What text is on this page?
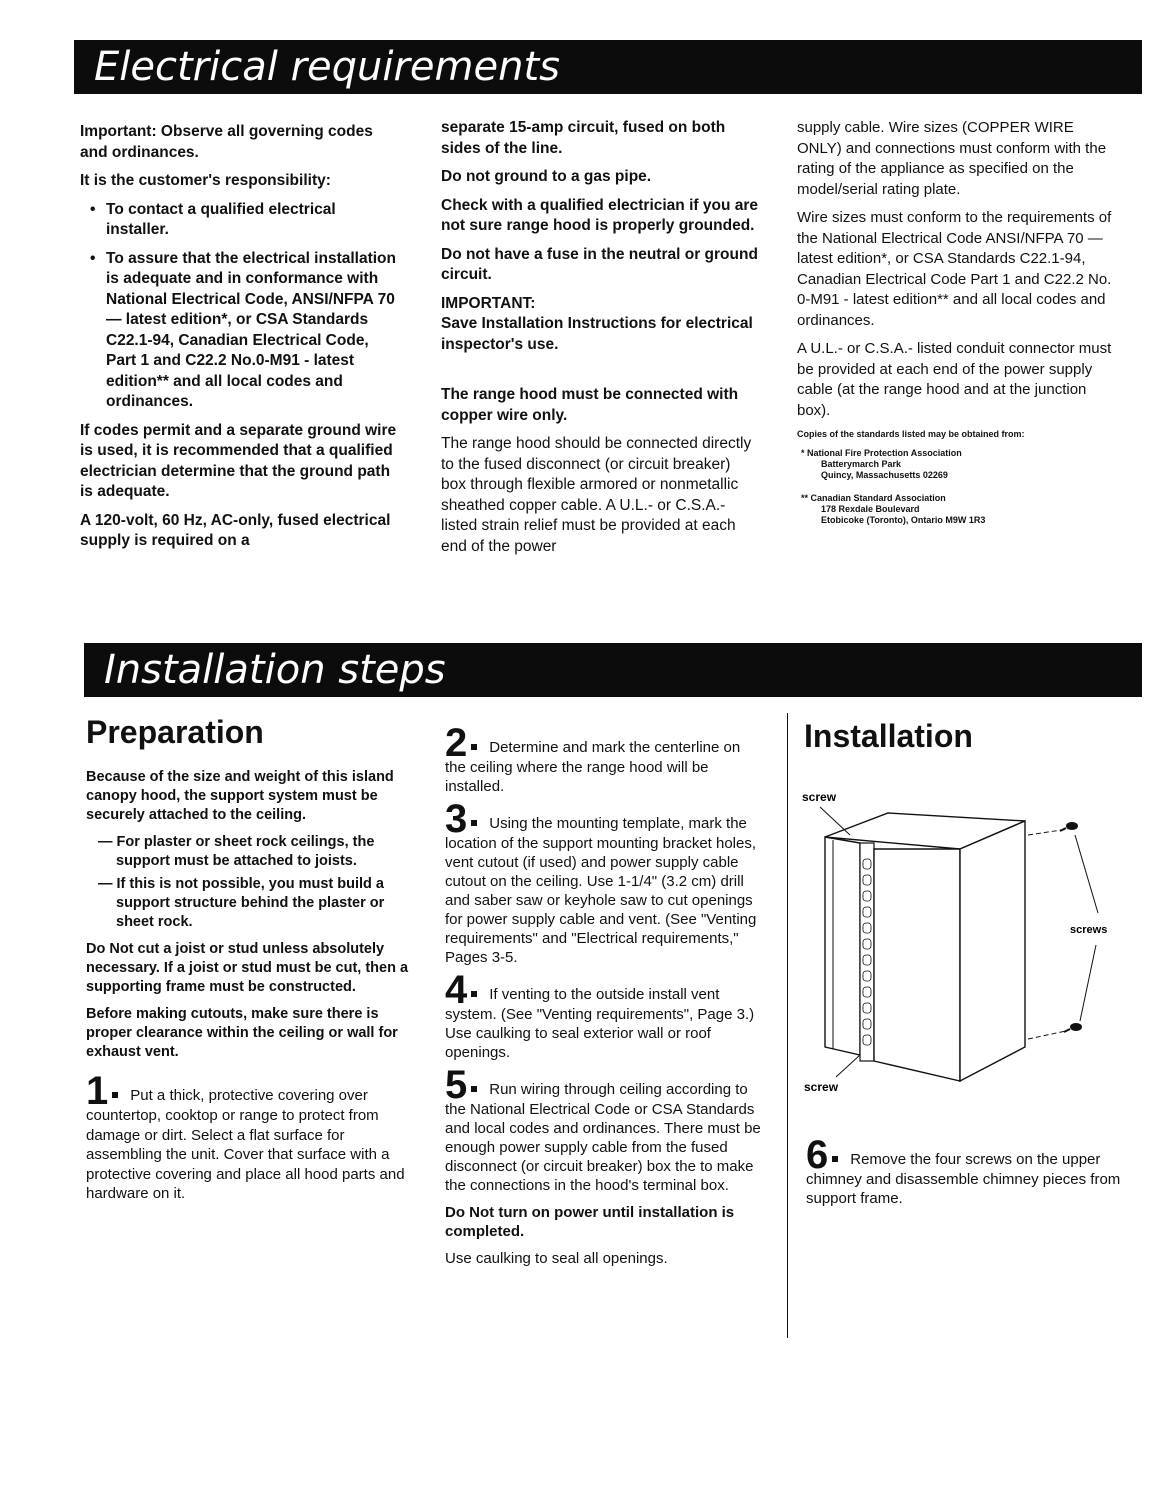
Electrical requirements
Installation steps

Important: Observe all governing codes and ordinances.

It is the customer's responsibility:

• To contact a qualified electrical installer.
• To assure that the electrical installation is adequate and in conformance with National Electrical Code, ANSI/NFPA 70 — latest edition*, or CSA Standards C22.1-94, Canadian Electrical Code, Part 1 and C22.2 No.0-M91 - latest edition** and all local codes and ordinances.

If codes permit and a separate ground wire is used, it is recommended that a qualified electrician determine that the ground path is adequate.

A 120-volt, 60 Hz, AC-only, fused electrical supply is required on a

separate 15-amp circuit, fused on both sides of the line.

Do not ground to a gas pipe.

Check with a qualified electrician if you are not sure range hood is properly grounded.

Do not have a fuse in the neutral or ground circuit.

IMPORTANT:

Save Installation Instructions for electrical inspector's use.

The range hood must be connected with copper wire only.

The range hood should be connected directly to the fused disconnect (or circuit breaker) box through flexible armored or nonmetallic sheathed copper cable. A U.L.- or C.S.A.- listed strain relief must be provided at each end of the power

supply cable. Wire sizes (COPPER WIRE ONLY) and connections must conform with the rating of the appliance as specified on the model/serial rating plate.

Wire sizes must conform to the requirements of the National Electrical Code ANSI/NFPA 70 — latest edition*, or CSA Standards C22.1-94, Canadian Electrical Code Part 1 and C22.2 No. 0-M91 - latest edition** and all local codes and ordinances.

A U.L.- or C.S.A.- listed conduit connector must be provided at each end of the power supply cable (at the range hood and at the junction box).

Copies of the standards listed may be obtained from:

* National Fire Protection Association
Batterymarch Park
Quincy, Massachusetts 02269

** Canadian Standard Association
178 Rexdale Boulevard
Etobicoke (Toronto), Ontario M9W 1R3

Preparation

Because of the size and weight of this island canopy hood, the support system must be securely attached to the ceiling.

— For plaster or sheet rock ceilings, the support must be attached to joists.

— If this is not possible, you must build a support structure behind the plaster or sheet rock.

Do Not cut a joist or stud unless absolutely necessary. If a joist or stud must be cut, then a supporting frame must be constructed.

Before making cutouts, make sure there is proper clearance within the ceiling or wall for exhaust vent.

1 Put a thick, protective covering over countertop, cooktop or range to protect from damage or dirt. Select a flat surface for assembling the unit. Cover that surface with a protective covering and place all hood parts and hardware on it.

2 Determine and mark the centerline on the ceiling where the range hood will be installed.

3 Using the mounting template, mark the location of the support mounting bracket holes, vent cutout (if used) and power supply cable cutout on the ceiling. Use 1-1/4" (3.2 cm) drill and saber saw or keyhole saw to cut openings for power supply cable and vent. (See "Venting requirements" and "Electrical requirements," Pages 3-5.

4 If venting to the outside install vent system. (See "Venting requirements", Page 3.) Use caulking to seal exterior wall or roof openings.

5 Run wiring through ceiling according to the National Electrical Code or CSA Standards and local codes and ordinances. There must be enough power supply cable from the fused disconnect (or circuit breaker) box the to make the connections in the hood's terminal box.

Do Not turn on power until installation is completed.

Use caulking to seal all openings.

Installation
screw
screws
screw

6 Remove the four screws on the upper chimney and disassemble chimney pieces from support frame.
